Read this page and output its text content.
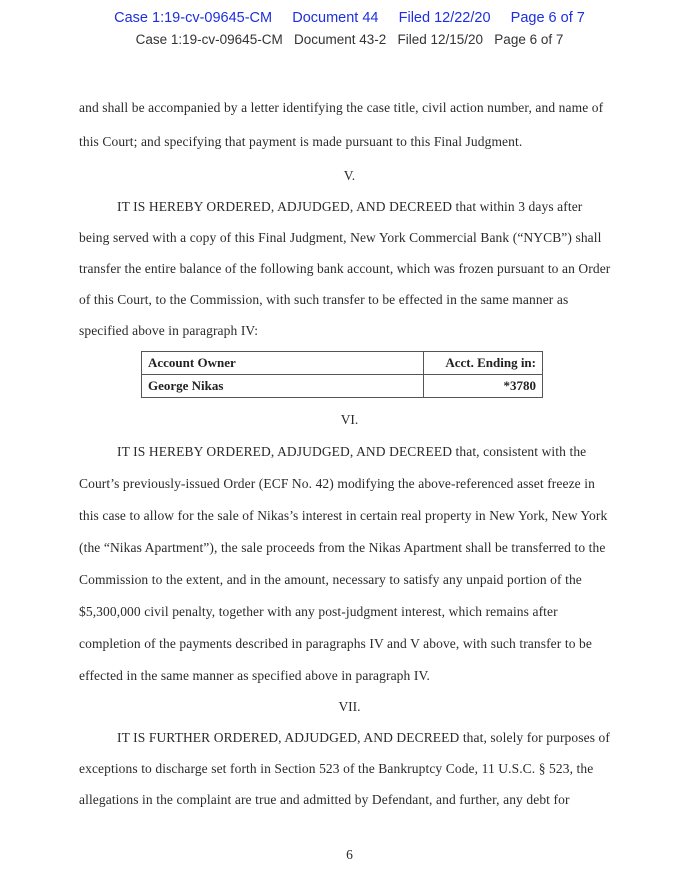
Case 1:19-cv-09645-CM     Document 44     Filed 12/22/20     Page 6 of 7
Case 1:19-cv-09645-CM   Document 43-2   Filed 12/15/20   Page 6 of 7
and shall be accompanied by a letter identifying the case title, civil action number, and name of
this Court; and specifying that payment is made pursuant to this Final Judgment.
V.
IT IS HEREBY ORDERED, ADJUDGED, AND DECREED that within 3 days after
being served with a copy of this Final Judgment, New York Commercial Bank (“NYCB”) shall
transfer the entire balance of the following bank account, which was frozen pursuant to an Order
of this Court, to the Commission, with such transfer to be effected in the same manner as
specified above in paragraph IV:
Account Owner	Acct. Ending in:
George Nikas	*3780
VI.
IT IS HEREBY ORDERED, ADJUDGED, AND DECREED that, consistent with the
Court’s previously-issued Order (ECF No. 42) modifying the above-referenced asset freeze in
this case to allow for the sale of Nikas’s interest in certain real property in New York, New York
(the “Nikas Apartment”), the sale proceeds from the Nikas Apartment shall be transferred to the
Commission to the extent, and in the amount, necessary to satisfy any unpaid portion of the
$5,300,000 civil penalty, together with any post-judgment interest, which remains after
completion of the payments described in paragraphs IV and V above, with such transfer to be
effected in the same manner as specified above in paragraph IV.
VII.
IT IS FURTHER ORDERED, ADJUDGED, AND DECREED that, solely for purposes of
exceptions to discharge set forth in Section 523 of the Bankruptcy Code, 11 U.S.C. § 523, the
allegations in the complaint are true and admitted by Defendant, and further, any debt for
6
